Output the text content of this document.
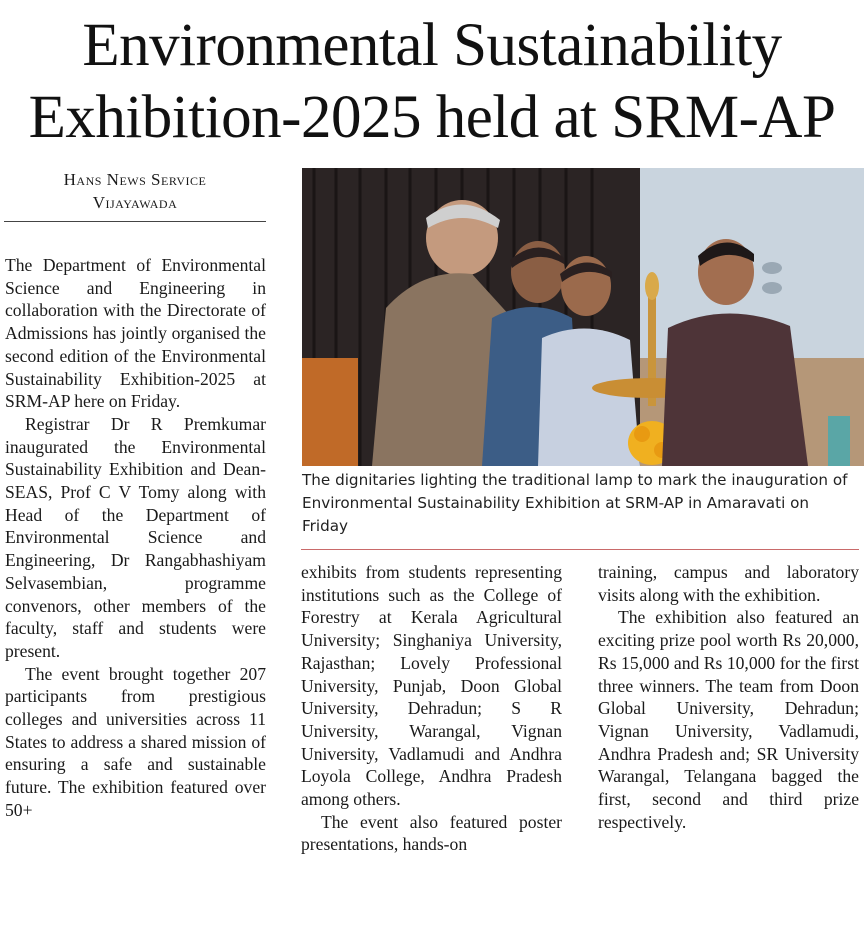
Environmental Sustainability
Exhibition-2025 held at SRM-AP
Hans News Service
Vijayawada

The Department of Environmental Science and Engineering in collaboration with the Directorate of Admissions has jointly organised the second edition of the Environmental Sustainability Exhibition-2025 at SRM-AP here on Friday.

Registrar Dr R Premkumar inaugurated the Environmental Sustainability Exhibition and Dean-SEAS, Prof C V Tomy along with Head of the Department of Environmental Science and Engineering, Dr Rangabhashiyam Selvasembian, programme convenors, other members of the faculty, staff and students were present.

The event brought together 207 participants from prestigious colleges and universities across 11 States to address a shared mission of ensuring a safe and sustainable future. The exhibition featured over 50+

The dignitaries lighting the traditional lamp to mark the inauguration of Environmental Sustainability Exhibition at SRM-AP in Amaravati on Friday

exhibits from students representing institutions such as the College of Forestry at Kerala Agricultural University; Singhaniya University, Rajasthan; Lovely Professional University, Punjab, Doon Global University, Dehradun; S R University, Warangal, Vignan University, Vadlamudi and Andhra Loyola College, Andhra Pradesh among others.

The event also featured poster presentations, hands-on

training, campus and laboratory visits along with the exhibition.

The exhibition also featured an exciting prize pool worth Rs 20,000, Rs 15,000 and Rs 10,000 for the first three winners. The team from Doon Global University, Dehradun; Vignan University, Vadlamudi, Andhra Pradesh and; SR University Warangal, Telangana bagged the first, second and third prize respectively.
